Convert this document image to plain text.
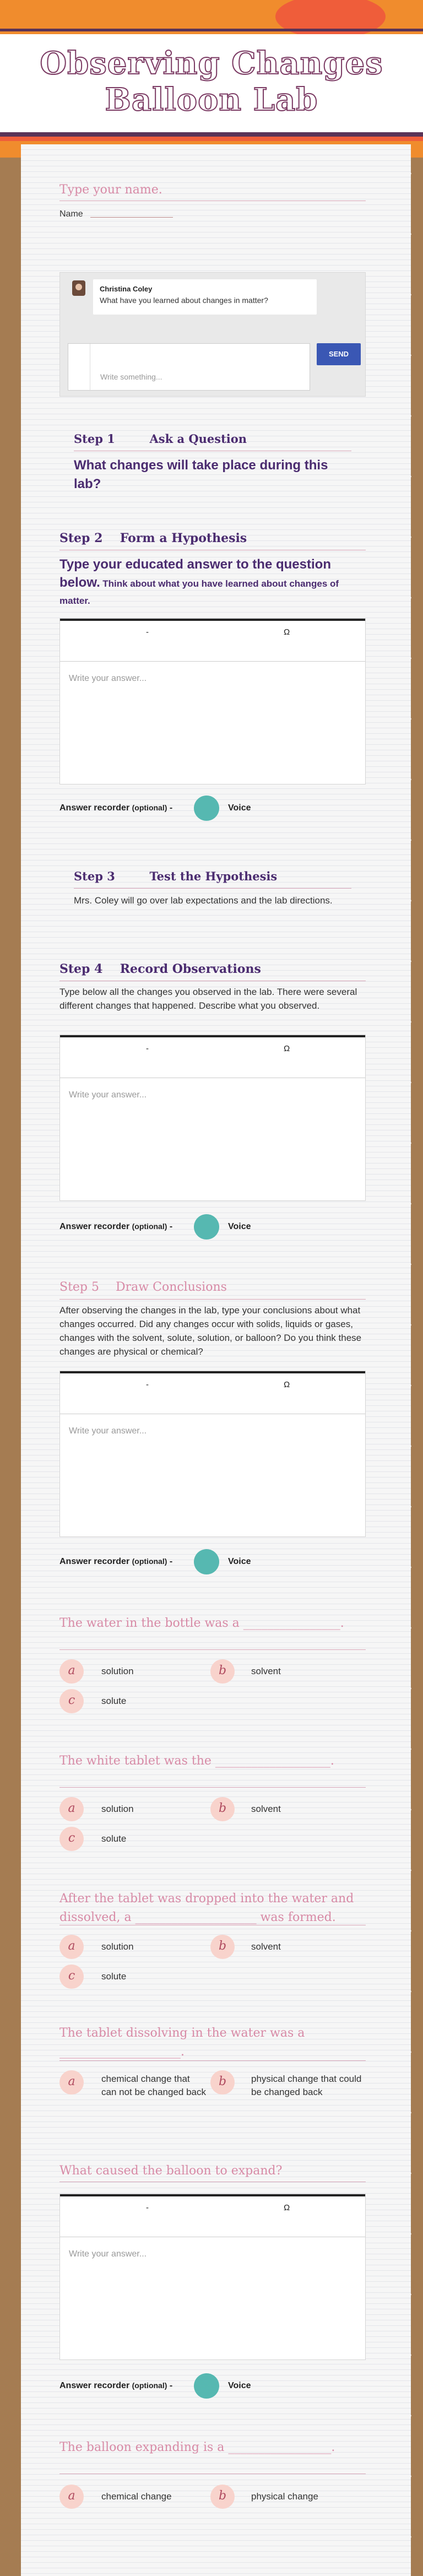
Observing Changes
Balloon Lab
Type your name.
Name
Christina Coley
What have you learned about changes in matter?
Write something...
SEND
Step 1	Ask a Question
What changes will take place during this lab?
Step 2 Form a Hypothesis
Type your educated answer to the question below. Think about what you have learned about changes of matter.
-	Ω
Write your answer...
Answer recorder (optional) -	Voice
Step 3	Test the Hypothesis
Mrs. Coley will go over lab expectations and the lab directions.
Step 4 Record Observations
Type below all the changes you observed in the lab. There were several different changes that happened. Describe what you observed.
-	Ω
Write your answer...
Answer recorder (optional) -	Voice
Step 5 Draw Conclusions
After observing the changes in the lab, type your conclusions about what changes occurred. Did any changes occur with solids, liquids or gases, changes with the solvent, solute, solution, or balloon? Do you think these changes are physical or chemical?
-	Ω
Write your answer...
Answer recorder (optional) -	Voice
The water in the bottle was a ________________.
a	solution	b	solvent
c	solute
The white tablet was the ___________________.
a	solution	b	solvent
c	solute
After the tablet was dropped into the water and dissolved, a ____________________ was formed.
a	solution	b	solvent
c	solute
The tablet dissolving in the water was a ____________________.
a	chemical change that can not be changed back
b	physical change that could be changed back
What caused the balloon to expand?
-	Ω
Write your answer...
Answer recorder (optional) -	Voice
The balloon expanding is a _________________.
a	chemical change	b	physical change
